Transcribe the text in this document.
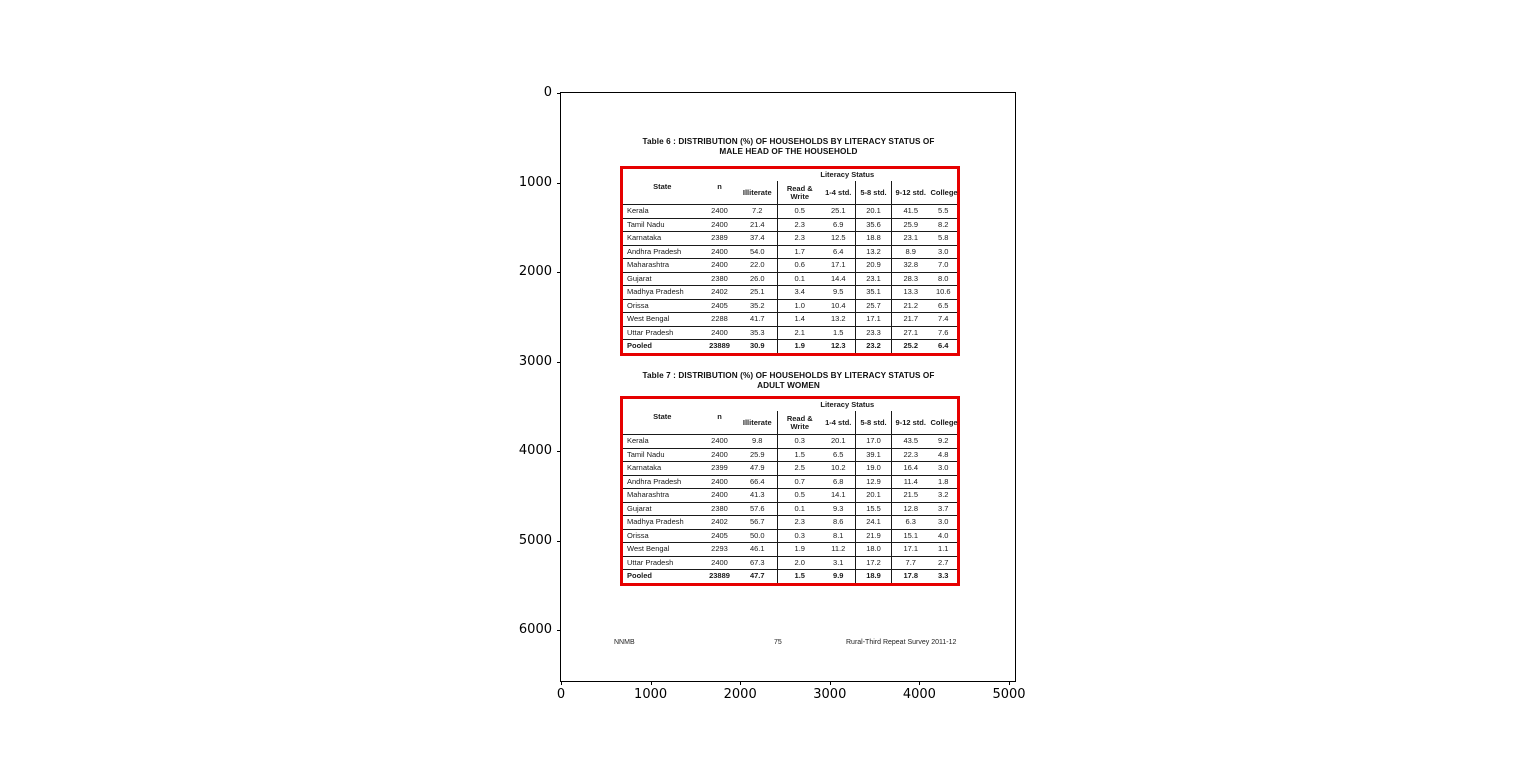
Table 6 : DISTRIBUTION (%) OF HOUSEHOLDS BY LITERACY STATUS OF
MALE HEAD OF THE HOUSEHOLD
State	n	Literacy Status					
		Illiterate	Read & Write	1-4 std.	5-8 std.	9-12 std.	College
Kerala	2400	7.2	0.5	25.1	20.1	41.5	5.5
Tamil Nadu	2400	21.4	2.3	6.9	35.6	25.9	8.2
Karnataka	2389	37.4	2.3	12.5	18.8	23.1	5.8
Andhra Pradesh	2400	54.0	1.7	6.4	13.2	8.9	3.0
Maharashtra	2400	22.0	0.6	17.1	20.9	32.8	7.0
Gujarat	2380	26.0	0.1	14.4	23.1	28.3	8.0
Madhya Pradesh	2402	25.1	3.4	9.5	35.1	13.3	10.6
Orissa	2405	35.2	1.0	10.4	25.7	21.2	6.5
West Bengal	2288	41.7	1.4	13.2	17.1	21.7	7.4
Uttar Pradesh	2400	35.3	2.1	1.5	23.3	27.1	7.6
Pooled	23889	30.9	1.9	12.3	23.2	25.2	6.4
Table 7 : DISTRIBUTION (%) OF HOUSEHOLDS BY LITERACY STATUS OF
ADULT WOMEN
State	n	Literacy Status					
		Illiterate	Read & Write	1-4 std.	5-8 std.	9-12 std.	College
Kerala	2400	9.8	0.3	20.1	17.0	43.5	9.2
Tamil Nadu	2400	25.9	1.5	6.5	39.1	22.3	4.8
Karnataka	2399	47.9	2.5	10.2	19.0	16.4	3.0
Andhra Pradesh	2400	66.4	0.7	6.8	12.9	11.4	1.8
Maharashtra	2400	41.3	0.5	14.1	20.1	21.5	3.2
Gujarat	2380	57.6	0.1	9.3	15.5	12.8	3.7
Madhya Pradesh	2402	56.7	2.3	8.6	24.1	6.3	3.0
Orissa	2405	50.0	0.3	8.1	21.9	15.1	4.0
West Bengal	2293	46.1	1.9	11.2	18.0	17.1	1.1
Uttar Pradesh	2400	67.3	2.0	3.1	17.2	7.7	2.7
Pooled	23889	47.7	1.5	9.9	18.9	17.8	3.3
NNMB	75	Rural-Third Repeat Survey 2011-12
0	1000	2000	3000	4000	5000
0
1000
2000
3000
4000
5000
6000
